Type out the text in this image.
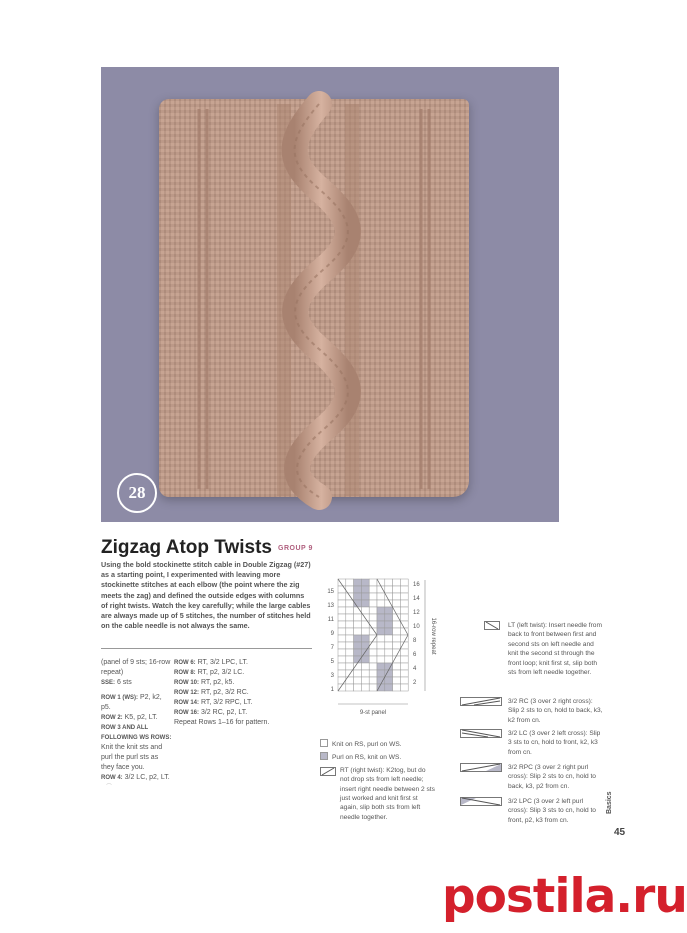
28
Zigzag Atop Twists GROUP 9
Using the bold stockinette stitch cable in Double Zigzag (#27) as a starting point, I experimented with leaving more stockinette stitches at each elbow (the point where the zig meets the zag) and defined the outside edges with columns of right twists. Watch the key carefully; while the large cables are always made up of 5 stitches, the number of stitches held on the cable needle is not always the same.
(panel of 9 sts; 16-row repeat)
SSE: 6 sts
ROW 1 (WS): P2, k2, p5.
ROW 2: K5, p2, LT.
ROW 3 AND ALL FOLLOWING WS ROWS: Knit the knit sts and purl the purl sts as they face you.
ROW 4: 3/2 LC, p2, LT.
ROW 6: RT, 3/2 LPC, LT.
ROW 8: RT, p2, 3/2 LC.
ROW 10: RT, p2, k5.
ROW 12: RT, p2, 3/2 RC.
ROW 14: RT, 3/2 RPC, LT.
ROW 16: 3/2 RC, p2, LT.
Repeat Rows 1–16 for pattern.
⌒
15
13
11
9
7
5
3
1
16
14
12
10
8
6
4
2
16-row repeat
9-st panel
Knit on RS, purl on WS.
Purl on RS, knit on WS.
RT (right twist): K2tog, but do not drop sts from left needle; insert right needle between 2 sts just worked and knit first st again, slip both sts from left needle together.
LT (left twist): Insert needle from back to front between first and second sts on left needle and knit the second st through the front loop; knit first st, slip both sts from left needle together.
3/2 RC (3 over 2 right cross): Slip 2 sts to cn, hold to back, k3, k2 from cn.
3/2 LC (3 over 2 left cross): Slip 3 sts to cn, hold to front, k2, k3 from cn.
3/2 RPC (3 over 2 right purl cross): Slip 2 sts to cn, hold to back, k3, p2 from cn.
3/2 LPC (3 over 2 left purl cross): Slip 3 sts to cn, hold to front, p2, k3 from cn.
Basics
45
postila.ru
